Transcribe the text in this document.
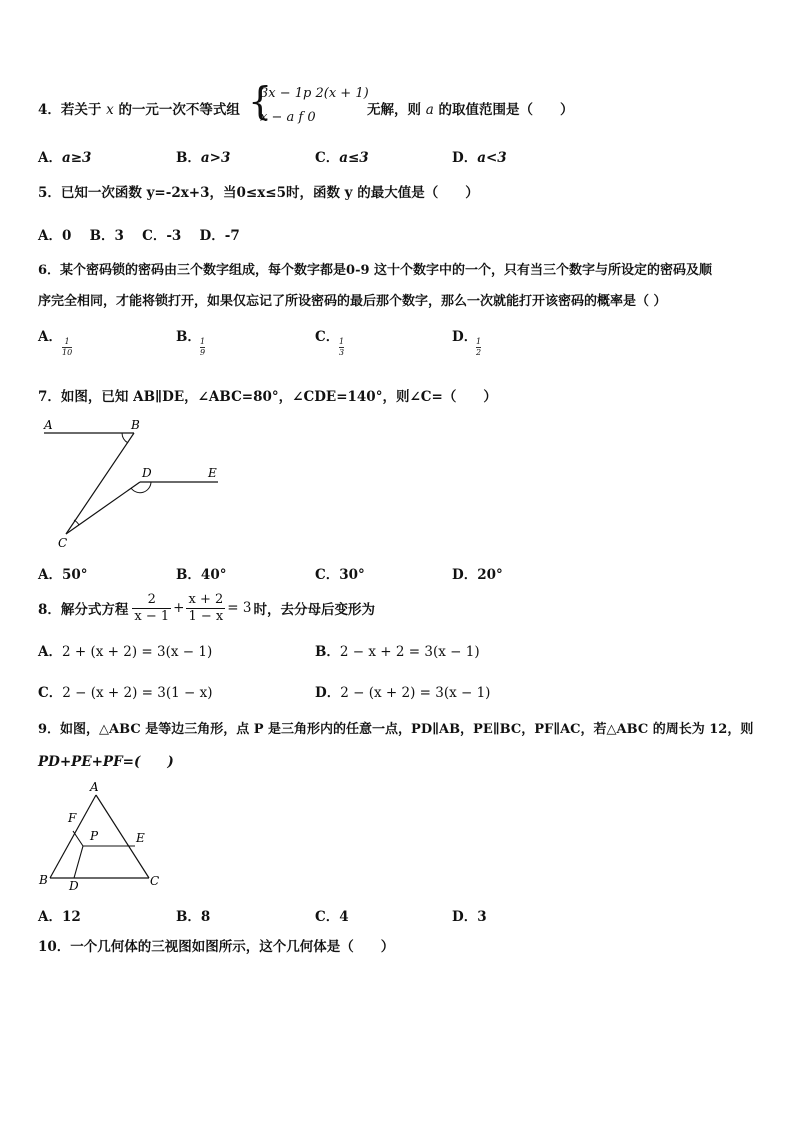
4．若关于 x 的一元一次不等式组 {
3x − 1p 2(x + 1)
x − a f 0	无解，则 a 的取值范围是（　　）
A．a≥3	B．a>3	C．a≤3	D．a<3
5．已知一次函数 y=-2x+3，当0≤x≤5时，函数 y 的最大值是（　　）
A．0　 B．3　 C．-3　 D．-7
6．某个密码锁的密码由三个数字组成，每个数字都是0-9 这十个数字中的一个，只有当三个数字与所设定的密码及顺
序完全相同，才能将锁打开，如果仅忘记了所设密码的最后那个数字，那么一次就能打开该密码的概率是（ ）
A． $\frac{1}{10}$	B． $\frac{1}{9}$	C． $\frac{1}{3}$	D．
$\frac{1}{2}$
7．如图，已知 AB∥DE，∠ABC=80°，∠CDE=140°，则∠C=（　　）
A	B
C
D	E
A．50°	B．40°	C．30°	D．20°
8．解分式方程 $\frac{2}{x - 1} + \frac{x + 2}{1 - x} = 3$ 时，去分母后变形为
A．2 + (x + 2) = 3(x − 1)	B．2 − x + 2 = 3(x − 1)
C．2 − (x + 2) = 3(1 − x)	D．2 − (x + 2) = 3(x − 1)
9．如图，△ABC 是等边三角形，点 P 是三角形内的任意一点，PD∥AB，PE∥BC，PF∥AC，若△ABC 的周长为 12，则
PD+PE+PF=(　　)
A
B	C
D
E
F
P
A．12	B．8	C．4	D．3
10．一个几何体的三视图如图所示，这个几何体是（　　）
